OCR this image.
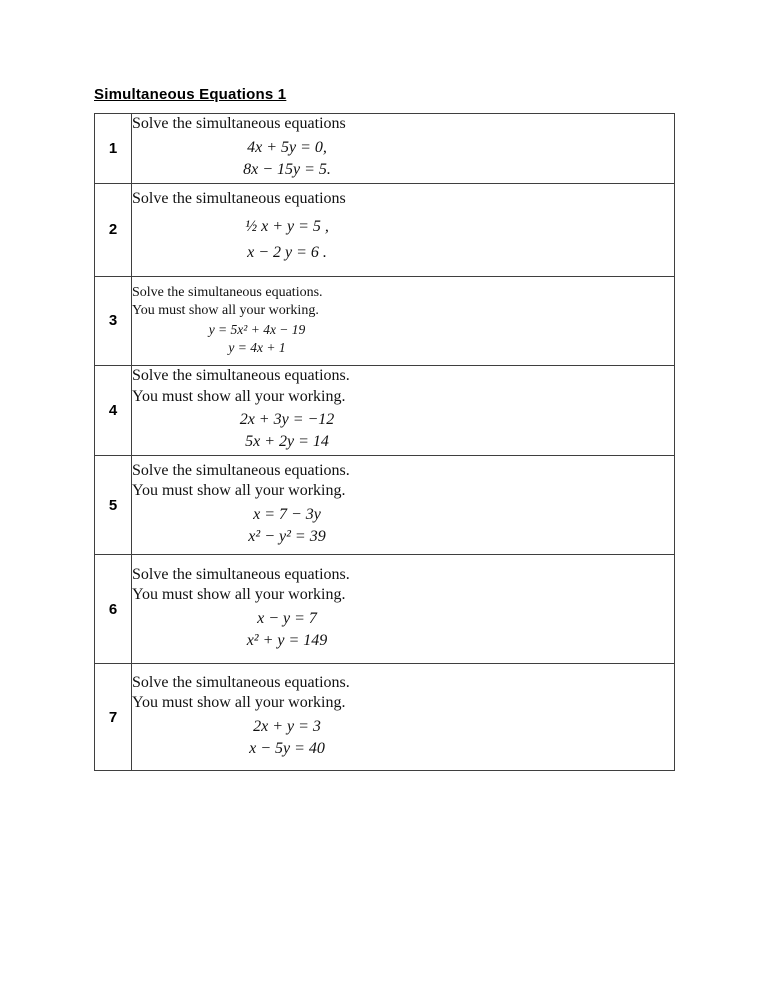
Simultaneous Equations 1
1	Solve the simultaneous equations
4x + 5y = 0,
8x − 15y = 5.

2	Solve the simultaneous equations
½ x + y = 5 ,
x − 2 y = 6 .

3	Solve the simultaneous equations.
You must show all your working.
y = 5x² + 4x − 19
y = 4x + 1

4	Solve the simultaneous equations.
You must show all your working.
2x + 3y = −12
5x + 2y = 14

5	Solve the simultaneous equations.
You must show all your working.
x = 7 − 3y
x² − y² = 39

6	Solve the simultaneous equations.
You must show all your working.
x − y = 7
x² + y = 149

7	Solve the simultaneous equations.
You must show all your working.
2x + y = 3
x − 5y = 40
